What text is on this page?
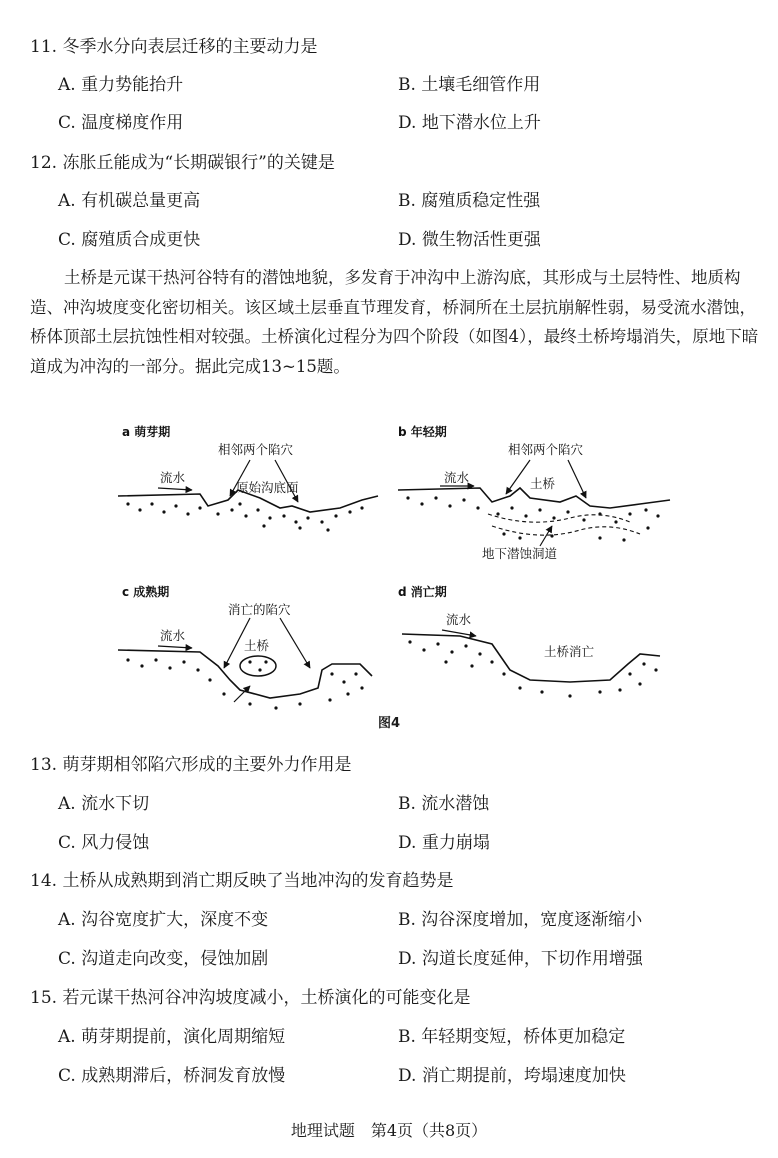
11. 冬季水分向表层迁移的主要动力是
A. 重力势能抬升	B. 土壤毛细管作用
C. 温度梯度作用	D. 地下潜水位上升
12. 冻胀丘能成为“长期碳银行”的关键是
A. 有机碳总量更高	B. 腐殖质稳定性强
C. 腐殖质合成更快	D. 微生物活性更强

土桥是元谋干热河谷特有的潜蚀地貌，多发育于冲沟中上游沟底，其形成与土层特性、地质构造、冲沟坡度变化密切相关。该区域土层垂直节理发育，桥洞所在土层抗崩解性弱，易受流水潜蚀，桥体顶部土层抗蚀性相对较强。土桥演化过程分为四个阶段（如图4），最终土桥垮塌消失，原地下暗道成为冲沟的一部分。据此完成13~15题。

a 萌芽期
流水
相邻两个陷穴
原始沟底面
b 年轻期
流水
相邻两个陷穴
土桥
地下潜蚀洞道
c 成熟期
流水
消亡的陷穴
土桥
d 消亡期
流水
土桥消亡
图4
13. 萌芽期相邻陷穴形成的主要外力作用是
A. 流水下切	B. 流水潜蚀
C. 风力侵蚀	D. 重力崩塌
14. 土桥从成熟期到消亡期反映了当地冲沟的发育趋势是
A. 沟谷宽度扩大，深度不变	B. 沟谷深度增加，宽度逐渐缩小
C. 沟道走向改变，侵蚀加剧	D. 沟道长度延伸，下切作用增强
15. 若元谋干热河谷冲沟坡度减小，土桥演化的可能变化是
A. 萌芽期提前，演化周期缩短	B. 年轻期变短，桥体更加稳定
C. 成熟期滞后，桥洞发育放慢	D. 消亡期提前，垮塌速度加快
地理试题　第4页（共8页）
